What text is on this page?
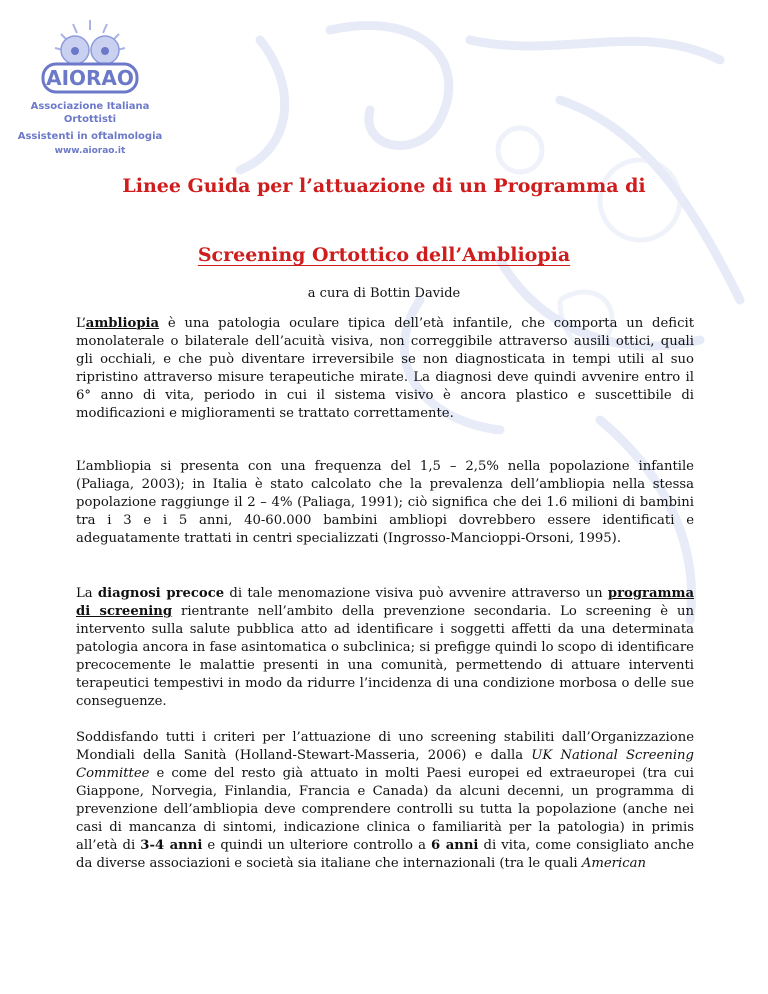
AIORAO
Associazione Italiana Ortottisti
Assistenti in oftalmologia
www.aiorao.it
Linee Guida per l’attuazione di un Programma di
Screening Ortottico dell’Ambliopia
a cura di Bottin Davide

L’ambliopia è una patologia oculare tipica dell’età infantile, che comporta un deficit monolaterale o bilaterale dell’acuità visiva, non correggibile attraverso ausili ottici, quali gli occhiali, e che può diventare irreversibile se non diagnosticata in tempi utili al suo ripristino attraverso misure terapeutiche mirate. La diagnosi deve quindi avvenire entro il 6° anno di vita, periodo in cui il sistema visivo è ancora plastico e suscettibile di modificazioni e miglioramenti se trattato correttamente.

L’ambliopia si presenta con una frequenza del 1,5 – 2,5% nella popolazione infantile (Paliaga, 2003); in Italia è stato calcolato che la prevalenza dell’ambliopia nella stessa popolazione raggiunge il 2 – 4% (Paliaga, 1991); ciò significa che dei 1.6 milioni di bambini tra i 3 e i 5 anni, 40-60.000 bambini ambliopi dovrebbero essere identificati e adeguatamente trattati in centri specializzati (Ingrosso-Mancioppi-Orsoni, 1995).

La diagnosi precoce di tale menomazione visiva può avvenire attraverso un programma di screening rientrante nell’ambito della prevenzione secondaria. Lo screening è un intervento sulla salute pubblica atto ad identificare i soggetti affetti da una determinata patologia ancora in fase asintomatica o subclinica; si prefigge quindi lo scopo di identificare precocemente le malattie presenti in una comunità, permettendo di attuare interventi terapeutici tempestivi in modo da ridurre l’incidenza di una condizione morbosa o delle sue conseguenze.

Soddisfando tutti i criteri per l’attuazione di uno screening stabiliti dall’Organizzazione Mondiali della Sanità (Holland-Stewart-Masseria, 2006) e dalla UK National Screening Committee e come del resto già attuato in molti Paesi europei ed extraeuropei (tra cui Giappone, Norvegia, Finlandia, Francia e Canada) da alcuni decenni, un programma di prevenzione dell’ambliopia deve comprendere controlli su tutta la popolazione (anche nei casi di mancanza di sintomi, indicazione clinica o familiarità per la patologia) in primis all’età di 3-4 anni e quindi un ulteriore controllo a 6 anni di vita, come consigliato anche da diverse associazioni e società sia italiane che internazionali (tra le quali American
